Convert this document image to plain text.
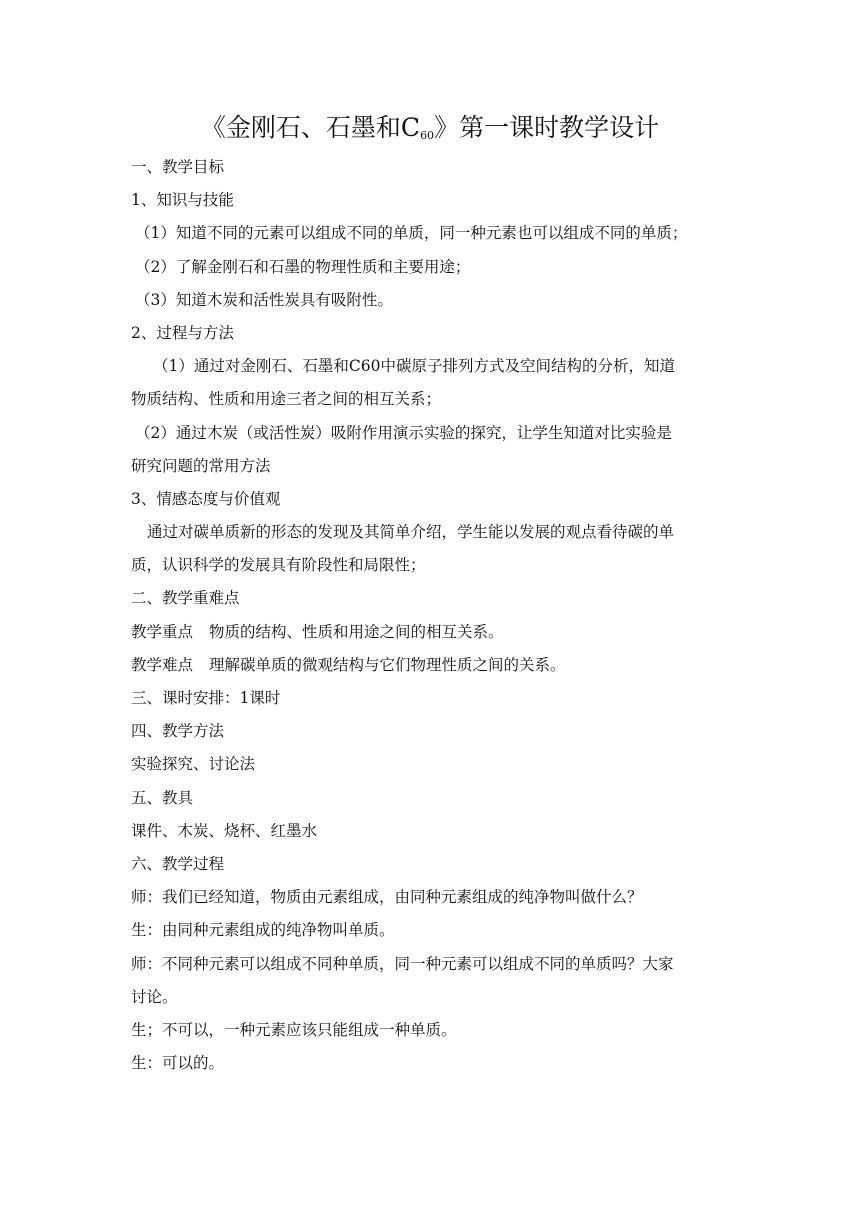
《金刚石、石墨和$C_{60}$》第一课时教学设计
一、教学目标
1、知识与技能
（1）知道不同的元素可以组成不同的单质，同一种元素也可以组成不同的单质；
（2）了解金刚石和石墨的物理性质和主要用途；
（3）知道木炭和活性炭具有吸附性。
2、过程与方法
（1）通过对金刚石、石墨和C60中碳原子排列方式及空间结构的分析，知道
物质结构、性质和用途三者之间的相互关系；
（2）通过木炭（或活性炭）吸附作用演示实验的探究，让学生知道对比实验是
研究问题的常用方法
3、情感态度与价值观
通过对碳单质新的形态的发现及其简单介绍，学生能以发展的观点看待碳的单
质，认识科学的发展具有阶段性和局限性；
二、教学重难点
教学重点 物质的结构、性质和用途之间的相互关系。
教学难点 理解碳单质的微观结构与它们物理性质之间的关系。
三、课时安排：1课时
四、教学方法
实验探究、讨论法
五、教具
课件、木炭、烧杯、红墨水
六、教学过程
师：我们已经知道，物质由元素组成，由同种元素组成的纯净物叫做什么？
生：由同种元素组成的纯净物叫单质。
师：不同种元素可以组成不同种单质，同一种元素可以组成不同的单质吗？大家
讨论。
生；不可以，一种元素应该只能组成一种单质。
生：可以的。
